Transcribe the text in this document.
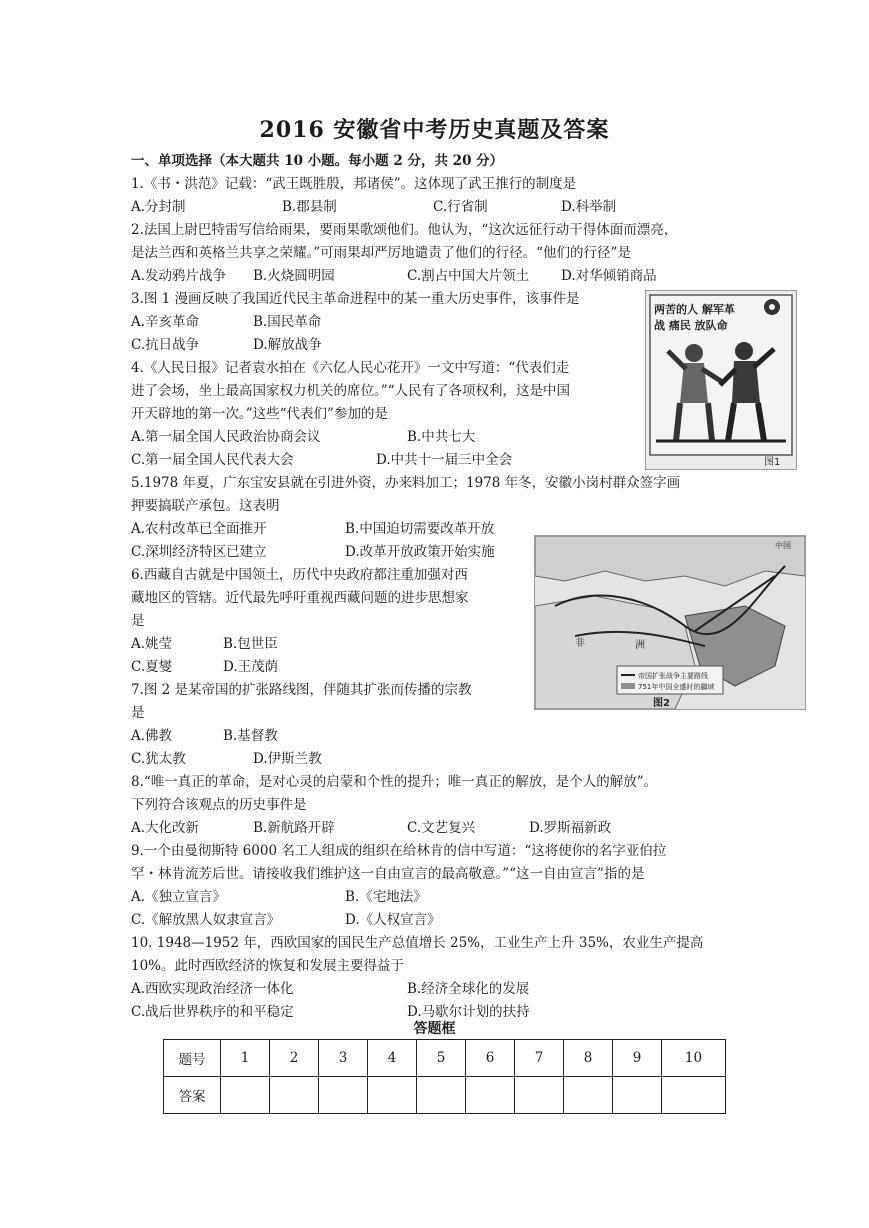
2016 安徽省中考历史真题及答案
一、单项选择（本大题共 10 小题。每小题 2 分，共 20 分）
1.《书・洪范》记载：“武王既胜殷，邦诸侯”。这体现了武王推行的制度是
A.分封制	B.郡县制	C.行省制	D.科举制
2.法国上尉巴特雷写信给雨果，要雨果歌颂他们。他认为，“这次远征行动干得体面而漂亮，
是法兰西和英格兰共享之荣耀。”可雨果却严厉地谴责了他们的行径。“他们的行径”是
A.发动鸦片战争 B.火烧圆明园	C.割占中国大片领土 D.对华倾销商品
3.图 1 漫画反映了我国近代民主革命进程中的某一重大历史事件，该事件是
A.辛亥革命	B.国民革命
C.抗日战争	D.解放战争
4.《人民日报》记者袁水拍在《六亿人民心花开》一文中写道：“代表们走
进了会场，坐上最高国家权力机关的席位。”“人民有了各项权利，这是中国
开天辟地的第一次。”这些“代表们”参加的是
A.第一届全国人民政治协商会议	B.中共七大
C.第一届全国人民代表大会	D.中共十一届三中全会
5.1978 年夏，广东宝安县就在引进外资，办来料加工；1978 年冬，安徽小岗村群众签字画
押要搞联产承包。这表明
A.农村改革已全面推开	B.中国迫切需要改革开放
C.深圳经济特区已建立	D.改革开放政策开始实施
6.西藏自古就是中国领土，历代中央政府都注重加强对西
藏地区的管辖。近代最先呼吁重视西藏问题的进步思想家
是
A.姚莹	B.包世臣
C.夏燮	D.王茂荫
7.图 2 是某帝国的扩张路线图，伴随其扩张而传播的宗教
是
A.佛教	B.基督教
C.犹太教	D.伊斯兰教
8.“唯一真正的革命，是对心灵的启蒙和个性的提升；唯一真正的解放，是个人的解放”。
下列符合该观点的历史事件是
A.大化改新	B.新航路开辟	C.文艺复兴	D.罗斯福新政
9.一个由曼彻斯特 6000 名工人组成的组织在给林肯的信中写道：“这将使你的名字亚伯拉
罕・林肯流芳后世。请接收我们维护这一自由宣言的最高敬意。”“这一自由宣言”指的是
A.《独立宣言》	B.《宅地法》
C.《解放黑人奴隶宣言》	D.《人权宣言》
10. 1948—1952 年，西欧国家的国民生产总值增长 25%，工业生产上升 35%，农业生产提高
10%。此时西欧经济的恢复和发展主要得益于
A.西欧实现政治经济一体化	B.经济全球化的发展
C.战后世界秩序的和平稳定	D.马歇尔计划的扶持
两苦的人 解军革
战 痛民 放队命
图1
中国
非	洲
帝国扩张战争主要路线
751年中国全盛时的疆域
图2
答题框
题号	1	2	3	4	5	6	7	8	9	10
答案										
